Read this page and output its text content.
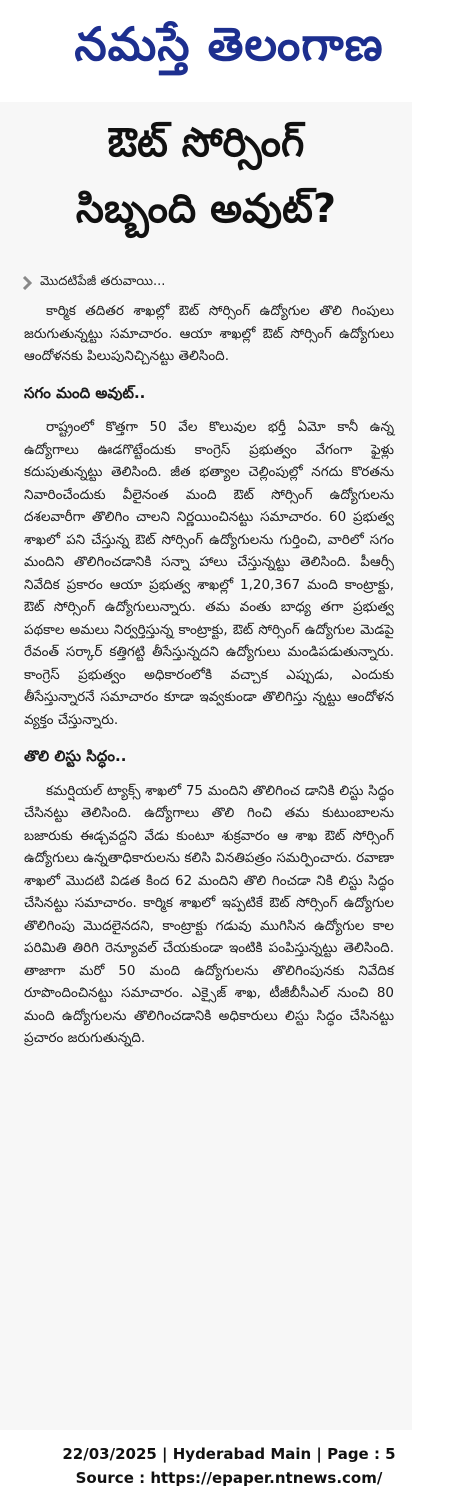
నమస్తే తెలంగాణ
ఔట్ సోర్సింగ్
సిబ్బంది అవుట్?
మొదటిపేజీ తరువాయి...

కార్మిక తదితర శాఖల్లో ఔట్ సోర్సింగ్ ఉద్యోగుల తొలి గింపులు జరుగుతున్నట్టు సమాచారం. ఆయా శాఖల్లో ఔట్ సోర్సింగ్ ఉద్యోగులు ఆందోళనకు పిలుపునిచ్చినట్టు తెలిసింది.

సగం మంది అవుట్..

రాష్ట్రంలో కొత్తగా 50 వేల కొలువుల భర్తీ ఏమో కానీ ఉన్న ఉద్యోగాలు ఊడగొట్టేందుకు కాంగ్రెస్ ప్రభుత్వం వేగంగా ఫైళ్లు కదుపుతున్నట్టు తెలిసింది. జీత భత్యాల చెల్లింపుల్లో నగదు కొరతను నివారించేందుకు వీలైనంత మంది ఔట్ సోర్సింగ్ ఉద్యోగులను దశలవారీగా తొలిగిం చాలని నిర్ణయించినట్టు సమాచారం. 60 ప్రభుత్వ శాఖలో పని చేస్తున్న ఔట్ సోర్సింగ్ ఉద్యోగులను గుర్తించి, వారిలో సగం మందిని తొలిగించడానికి సన్నా హాలు చేస్తున్నట్టు తెలిసింది. పీఆర్సీ నివేదిక ప్రకారం ఆయా ప్రభుత్వ శాఖల్లో 1,20,367 మంది కాంట్రాక్టు, ఔట్ సోర్సింగ్ ఉద్యోగులున్నారు. తమ వంతు బాధ్య తగా ప్రభుత్వ పథకాల అమలు నిర్వర్తిస్తున్న కాంట్రాక్టు, ఔట్ సోర్సింగ్ ఉద్యోగుల మెడపై రేవంత్ సర్కార్ కత్తిగట్టి తీసేస్తున్నదని ఉద్యోగులు మండిపడుతున్నారు. కాంగ్రెస్ ప్రభుత్వం అధికారంలోకి వచ్చాక ఎప్పుడు, ఎందుకు తీసేస్తున్నారనే సమాచారం కూడా ఇవ్వకుండా తొలిగిస్తు న్నట్టు ఆందోళన వ్యక్తం చేస్తున్నారు.

తొలి లిస్టు సిద్ధం..

కమర్షియల్ ట్యాక్స్ శాఖలో 75 మందిని తొలిగించ డానికి లిస్టు సిద్ధం చేసినట్టు తెలిసింది. ఉద్యోగాలు తొలి గించి తమ కుటుంబాలను బజారుకు ఈడ్చవద్దని వేడు కుంటూ శుక్రవారం ఆ శాఖ ఔట్ సోర్సింగ్ ఉద్యోగులు ఉన్నతాధికారులను కలిసి వినతిపత్రం సమర్పించారు. రవాణా శాఖలో మొదటి విడత కింద 62 మందిని తొలి గించడా నికి లిస్టు సిద్ధం చేసినట్టు సమాచారం. కార్మిక శాఖలో ఇప్పటికే ఔట్ సోర్సింగ్ ఉద్యోగుల తొలిగింపు మొదలైనదని, కాంట్రాక్టు గడువు ముగిసిన ఉద్యోగుల కాల పరిమితి తిరిగి రెన్యూవల్ చేయకుండా ఇంటికి పంపిస్తున్నట్టు తెలిసింది. తాజాగా మరో 50 మంది ఉద్యోగులను తొలిగింపునకు నివేదిక రూపొందించినట్టు సమాచారం. ఎక్సైజ్ శాఖ, టీజీబీసీఎల్ నుంచి 80 మంది ఉద్యోగులను తొలిగించడానికి అధికారులు లిస్టు సిద్ధం చేసినట్టు ప్రచారం జరుగుతున్నది.

22/03/2025 | Hyderabad Main | Page : 5
Source : https://epaper.ntnews.com/
